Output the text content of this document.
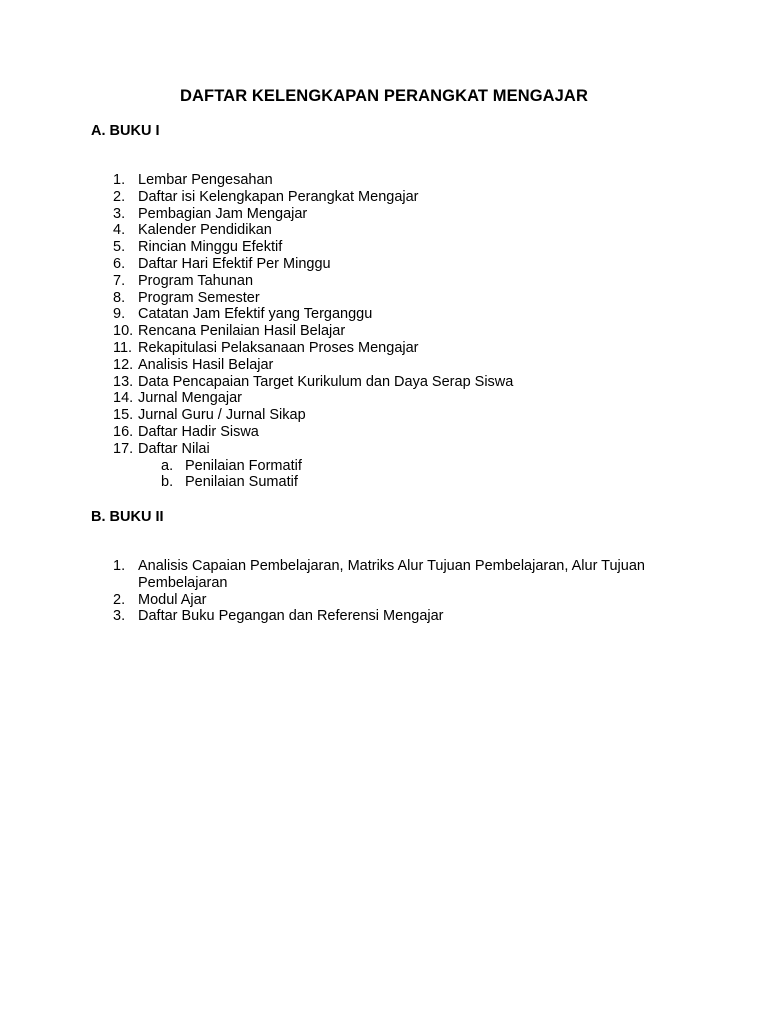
DAFTAR KELENGKAPAN PERANGKAT MENGAJAR
A. BUKU I
1. Lembar Pengesahan
2. Daftar isi Kelengkapan Perangkat Mengajar
3. Pembagian Jam Mengajar
4. Kalender Pendidikan
5. Rincian Minggu Efektif
6. Daftar Hari Efektif Per Minggu
7. Program Tahunan
8. Program Semester
9. Catatan Jam Efektif yang Terganggu
10. Rencana Penilaian Hasil Belajar
11. Rekapitulasi Pelaksanaan Proses Mengajar
12. Analisis Hasil Belajar
13. Data Pencapaian Target Kurikulum dan Daya Serap Siswa
14. Jurnal Mengajar
15. Jurnal Guru / Jurnal Sikap
16. Daftar Hadir Siswa
17. Daftar Nilai
a. Penilaian Formatif
b. Penilaian Sumatif
B. BUKU II
1. Analisis Capaian Pembelajaran, Matriks Alur Tujuan Pembelajaran, Alur Tujuan Pembelajaran
2. Modul Ajar
3. Daftar Buku Pegangan dan Referensi Mengajar
